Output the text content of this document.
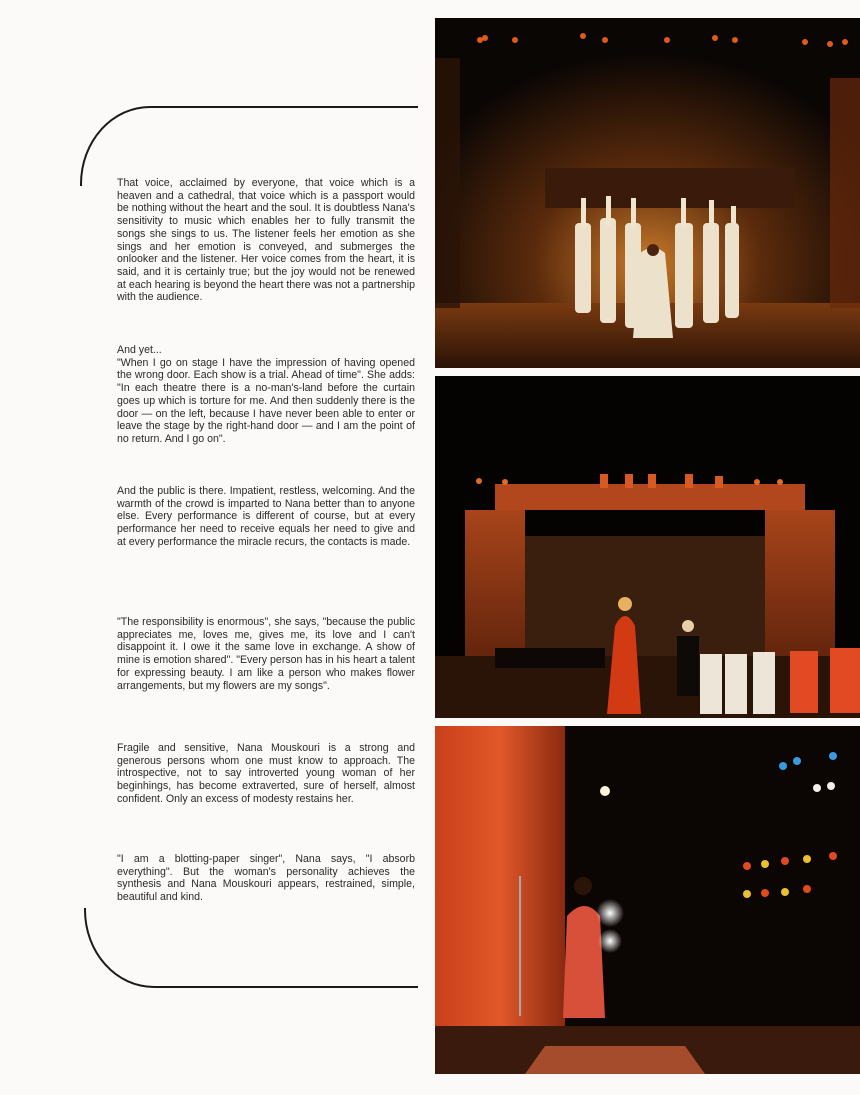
That voice, acclaimed by everyone, that voice which is a heaven and a cathedral, that voice which is a passport would be nothing without the heart and the soul. It is doubtless Nana's sensitivity to music which enables her to fully transmit the songs she sings to us. The listener feels her emotion as she sings and her emotion is conveyed, and submerges the onlooker and the listener. Her voice comes from the heart, it is said, and it is certainly true; but the joy would not be renewed at each hearing is beyond the heart there was not a partnership with the audience.

And yet...

"When I go on stage I have the impression of having opened the wrong door. Each show is a trial. Ahead of time". She adds: "In each theatre there is a no-man's-land before the curtain goes up which is torture for me. And then suddenly there is the door — on the left, because I have never been able to enter or leave the stage by the right-hand door — and I am the point of no return. And I go on".

And the public is there. Impatient, restless, welcoming. And the warmth of the crowd is imparted to Nana better than to anyone else. Every performance is different of course, but at every performance her need to receive equals her need to give and at every performance the miracle recurs, the contacts is made.

"The responsibility is enormous", she says, "because the public appreciates me, loves me, gives me, its love and I can't disappoint it. I owe it the same love in exchange. A show of mine is emotion shared". "Every person has in his heart a talent for expressing beauty. I am like a person who makes flower arrangements, but my flowers are my songs".

Fragile and sensitive, Nana Mouskouri is a strong and generous persons whom one must know to approach. The introspective, not to say introverted young woman of her beginhings, has become extraverted, sure of herself, almost confident. Only an excess of modesty restains her.

"I am a blotting-paper singer", Nana says, "I absorb everything". But the woman's personality achieves the synthesis and Nana Mouskouri appears, restrained, simple, beautiful and kind.
